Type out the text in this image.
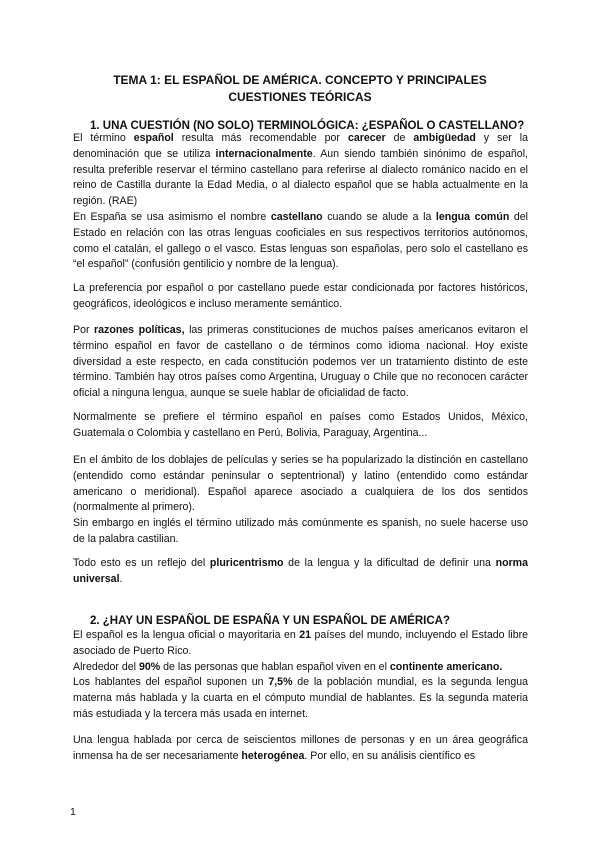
TEMA 1: EL ESPAÑOL DE AMÉRICA. CONCEPTO Y PRINCIPALES
CUESTIONES TEÓRICAS
1. UNA CUESTIÓN (NO SOLO) TERMINOLÓGICA: ¿ESPAÑOL O CASTELLANO?

El término español resulta más recomendable por carecer de ambigüedad y ser la denominación que se utiliza internacionalmente. Aun siendo también sinónimo de español, resulta preferible reservar el término castellano para referirse al dialecto románico nacido en el reino de Castilla durante la Edad Media, o al dialecto español que se habla actualmente en la región. (RAE)

En España se usa asimismo el nombre castellano cuando se alude a la lengua común del Estado en relación con las otras lenguas cooficiales en sus respectivos territorios autónomos, como el catalán, el gallego o el vasco. Estas lenguas son españolas, pero solo el castellano es “el español” (confusión gentilicio y nombre de la lengua).

La preferencia por español o por castellano puede estar condicionada por factores históricos, geográficos, ideológicos e incluso meramente semántico.
Por razones políticas, las primeras constituciones de muchos países americanos evitaron el término español en favor de castellano o de términos como idioma nacional. Hoy existe diversidad a este respecto, en cada constitución podemos ver un tratamiento distinto de este término. También hay otros países como Argentina, Uruguay o Chile que no reconocen carácter oficial a ninguna lengua, aunque se suele hablar de oficialidad de facto.
Normalmente se prefiere el término español en países como Estados Unidos, México, Guatemala o Colombia y castellano en Perú, Bolivia, Paraguay, Argentina...

En el ámbito de los doblajes de películas y series se ha popularizado la distinción en castellano (entendido como estándar peninsular o septentrional) y latino (entendido como estándar americano o meridional). Español aparece asociado a cualquiera de los dos sentidos (normalmente al primero).

Sin embargo en inglés el término utilizado más comúnmente es spanish, no suele hacerse uso de la palabra castilian.

Todo esto es un reflejo del pluricentrismo de la lengua y la dificultad de definir una norma universal.
2. ¿HAY UN ESPAÑOL DE ESPAÑA Y UN ESPAÑOL DE AMÉRICA?

El español es la lengua oficial o mayoritaria en 21 países del mundo, incluyendo el Estado libre asociado de Puerto Rico.

Alrededor del 90% de las personas que hablan español viven en el continente americano.

Los hablantes del español suponen un 7,5% de la población mundial, es la segunda lengua materna más hablada y la cuarta en el cómputo mundial de hablantes. Es la segunda materia más estudiada y la tercera más usada en internet.

Una lengua hablada por cerca de seiscientos millones de personas y en un área geográfica inmensa ha de ser necesariamente heterogénea. Por ello, en su análisis científico es
1
